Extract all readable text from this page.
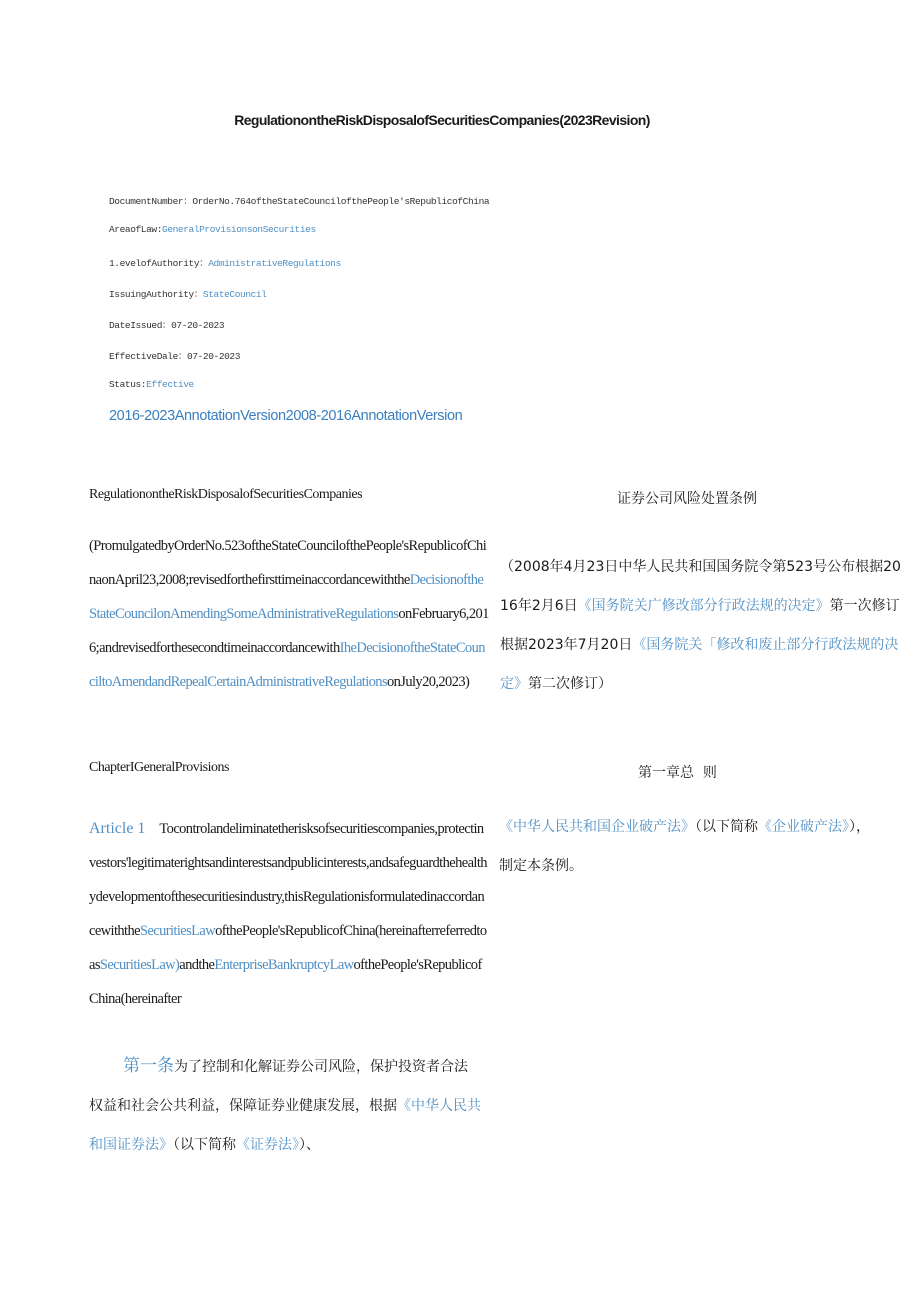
RegulationontheRiskDisposalofSecuritiesCompanies(2023Revision)
DocumentNumber：OrderNo.764oftheStateCouncilofthePeople'sRepublicofChina
AreaofLaw:GeneralProvisionsonSecurities
1.evelofAuthority：AdministrativeRegulations
IssuingAuthority：StateCouncil
DateIssued：07-20-2023
EffectiveDale：07-20-2023
Status:Effective
2016-2023AnnotationVersion2008-2016AnnotationVersion
RegulationontheRiskDisposalofSecuritiesCompanies	证券公司风险处置条例
(PromulgatedbyOrderNo.523oftheStateCouncilofthePeople'sRepublicofChinaonApril23,2008;revisedforthefirsttimeinaccordancewiththeDecisionoftheStateCouncilonAmendingSomeAdministrativeRegulationsonFebruary6,2016;andrevisedforthesecondtimeinaccordancewithIheDecisionoftheStateCounciltoAmendandRepealCertainAdministrativeRegulationsonJuly20,2023)
（2008年4月23日中华人民共和国国务院令第523号公布根据2016年2月6日《国务院关广修改部分行政法规的决定》第一次修订根据2023年7月20日《国务院关「修改和废止部分行政法规的决定》第二次修订）
ChapterIGeneralProvisions	第一章总  则
Article 1 Tocontrolandeliminatetherisksofsecuritiescompanies,protectinvestors'legitimaterightsandinterestsandpublicinterests,andsafeguardthehealthydevelopmentofthesecuritiesindustry,thisRegulationisformulatedinaccordancewiththeSecuritiesLawofthePeople'sRepublicofChina(hereinafterreferredtoasSecuritiesLaw)andtheEnterpriseBankruptcyLawofthePeople'sRepublicofChina(hereinafter
第一条为了控制和化解证券公司风险，保护投资者合法权益和社会公共利益，保障证券业健康发展，根据《中华人民共和国证券法》（以下简称《证券法》）、
《中华人民共和国企业破产法》（以下简称《企业破产法》），制定本条例。
